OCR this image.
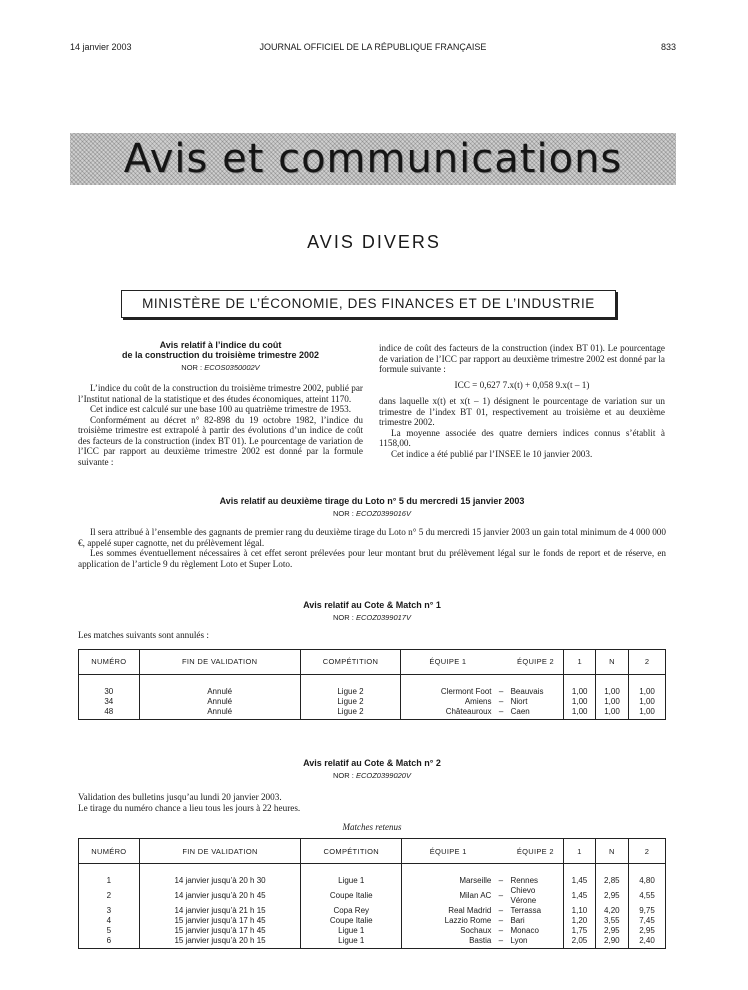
14 janvier 2003	JOURNAL OFFICIEL DE LA RÉPUBLIQUE FRANÇAISE	833
Avis et communications
AVIS DIVERS
MINISTÈRE DE L’ÉCONOMIE, DES FINANCES ET DE L’INDUSTRIE
Avis relatif à l’indice du coût
de la construction du troisième trimestre 2002
NOR : ECOS0350002V

L’indice du coût de la construction du troisième trimestre 2002, publié par l’Institut national de la statistique et des études économiques, atteint 1170.

Cet indice est calculé sur une base 100 au quatrième trimestre de 1953.

Conformément au décret n° 82-898 du 19 octobre 1982, l’indice du troisième trimestre est extrapolé à partir des évolutions d’un indice de coût des facteurs de la construction (index BT 01). Le pourcentage de variation de l’ICC par rapport au deuxième trimestre 2002 est donné par la formule suivante :

indice de coût des facteurs de la construction (index BT 01). Le pourcentage de variation de l’ICC par rapport au deuxième trimestre 2002 est donné par la formule suivante :

ICC = 0,627 7.x(t) + 0,058 9.x(t – 1)

dans laquelle x(t) et x(t – 1) désignent le pourcentage de variation sur un trimestre de l’index BT 01, respectivement au troisième et au deuxième trimestre 2002.

La moyenne associée des quatre derniers indices connus s’établit à 1158,00.

Cet indice a été publié par l’INSEE le 10 janvier 2003.

Avis relatif au deuxième tirage du Loto n° 5 du mercredi 15 janvier 2003
NOR : ECOZ0399016V

Il sera attribué à l’ensemble des gagnants de premier rang du deuxième tirage du Loto n° 5 du mercredi 15 janvier 2003 un gain total minimum de 4 000 000 €, appelé super cagnotte, net du prélèvement légal.

Les sommes éventuellement nécessaires à cet effet seront prélevées pour leur montant brut du prélèvement légal sur le fonds de report et de réserve, en application de l’article 9 du règlement Loto et Super Loto.

Avis relatif au Cote & Match n° 1
NOR : ECOZ0399017V
Les matches suivants sont annulés :
NUMÉRO	FIN DE VALIDATION	COMPÉTITION	ÉQUIPE 1		ÉQUIPE 2	1	N	2

30	Annulé	Ligue 2	Clermont Foot	–	Beauvais	1,00	1,00	1,00
34	Annulé	Ligue 2	Amiens	–	Niort	1,00	1,00	1,00
48	Annulé	Ligue 2	Châteauroux	–	Caen	1,00	1,00	1,00
Avis relatif au Cote & Match n° 2
NOR : ECOZ0399020V

Validation des bulletins jusqu’au lundi 20 janvier 2003.

Le tirage du numéro chance a lieu tous les jours à 22 heures.

Matches retenus
NUMÉRO	FIN DE VALIDATION	COMPÉTITION	ÉQUIPE 1		ÉQUIPE 2	1	N	2

1	14 janvier jusqu’à 20 h 30	Ligue 1	Marseille	–	Rennes	1,45	2,85	4,80
2	14 janvier jusqu’à 20 h 45	Coupe Italie	Milan AC	–	Chievo Vérone	1,45	2,95	4,55
3	14 janvier jusqu’à 21 h 15	Copa Rey	Real Madrid	–	Terrassa	1,10	4,20	9,75
4	15 janvier jusqu’à 17 h 45	Coupe Italie	Lazzio Rome	–	Bari	1,20	3,55	7,45
5	15 janvier jusqu’à 17 h 45	Ligue 1	Sochaux	–	Monaco	1,75	2,95	2,95
6	15 janvier jusqu’à 20 h 15	Ligue 1	Bastia	–	Lyon	2,05	2,90	2,40
